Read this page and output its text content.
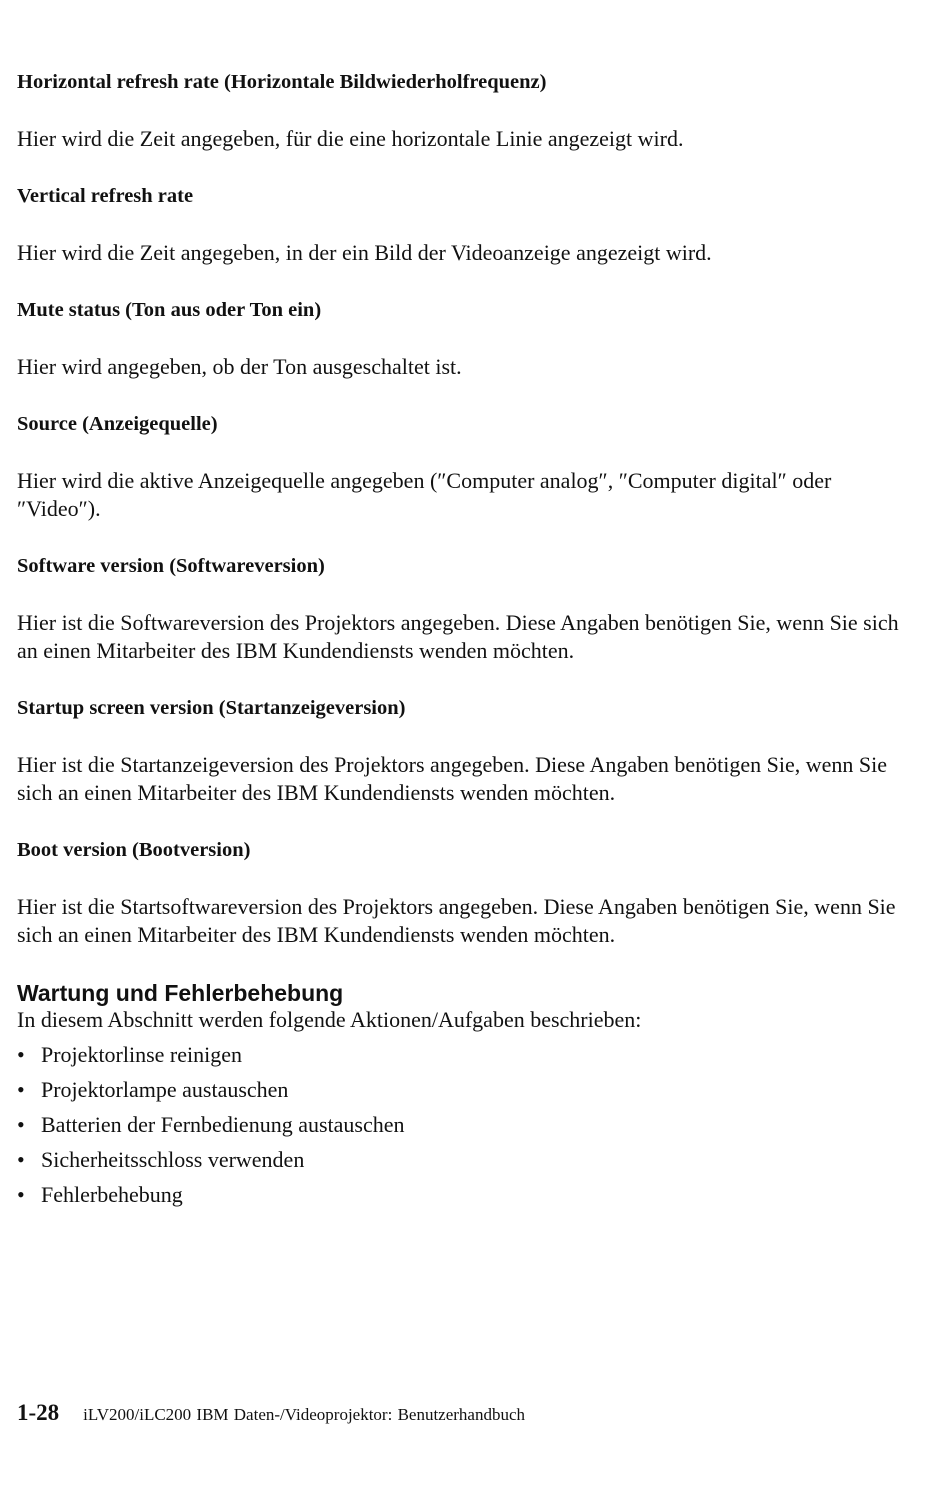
Horizontal refresh rate (Horizontale Bildwiederholfrequenz)
Hier wird die Zeit angegeben, für die eine horizontale Linie angezeigt wird.
Vertical refresh rate
Hier wird die Zeit angegeben, in der ein Bild der Videoanzeige angezeigt wird.
Mute status (Ton aus oder Ton ein)
Hier wird angegeben, ob der Ton ausgeschaltet ist.
Source (Anzeigequelle)
Hier wird die aktive Anzeigequelle angegeben (″Computer analog″, ″Computer digital″ oder ″Video″).
Software version (Softwareversion)
Hier ist die Softwareversion des Projektors angegeben. Diese Angaben benötigen Sie, wenn Sie sich an einen Mitarbeiter des IBM Kundendiensts wenden möchten.
Startup screen version (Startanzeigeversion)
Hier ist die Startanzeigeversion des Projektors angegeben. Diese Angaben benötigen Sie, wenn Sie sich an einen Mitarbeiter des IBM Kundendiensts wenden möchten.
Boot version (Bootversion)
Hier ist die Startsoftwareversion des Projektors angegeben. Diese Angaben benötigen Sie, wenn Sie sich an einen Mitarbeiter des IBM Kundendiensts wenden möchten.
Wartung und Fehlerbehebung
In diesem Abschnitt werden folgende Aktionen/Aufgaben beschrieben:
• Projektorlinse reinigen
• Projektorlampe austauschen
• Batterien der Fernbedienung austauschen
• Sicherheitsschloss verwenden
• Fehlerbehebung
1-28 iLV200/iLC200 IBM Daten-/Videoprojektor: Benutzerhandbuch
